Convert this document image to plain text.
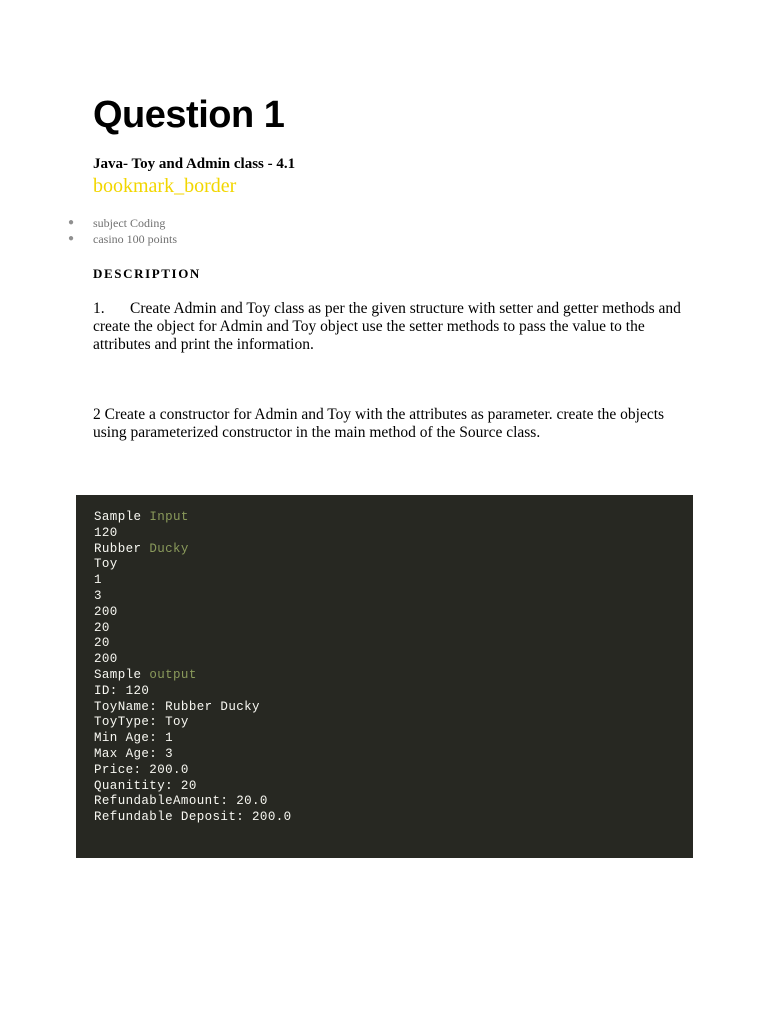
Question 1
Java- Toy and Admin class - 4.1
bookmark_border
● subject Coding
● casino 100 points
DESCRIPTION

1. Create Admin and Toy class as per the given structure with setter and getter methods and create the object for Admin and Toy object use the setter methods to pass the value to the attributes and print the information.

2 Create a constructor for Admin and Toy with the attributes as parameter. create the objects using parameterized constructor in the main method of the Source class.

Sample Input
120
Rubber Ducky
Toy
1
3
200
20
20
200
Sample output
ID: 120
ToyName: Rubber Ducky
ToyType: Toy
Min Age: 1
Max Age: 3
Price: 200.0
Quanitity: 20
RefundableAmount: 20.0
Refundable Deposit: 200.0
